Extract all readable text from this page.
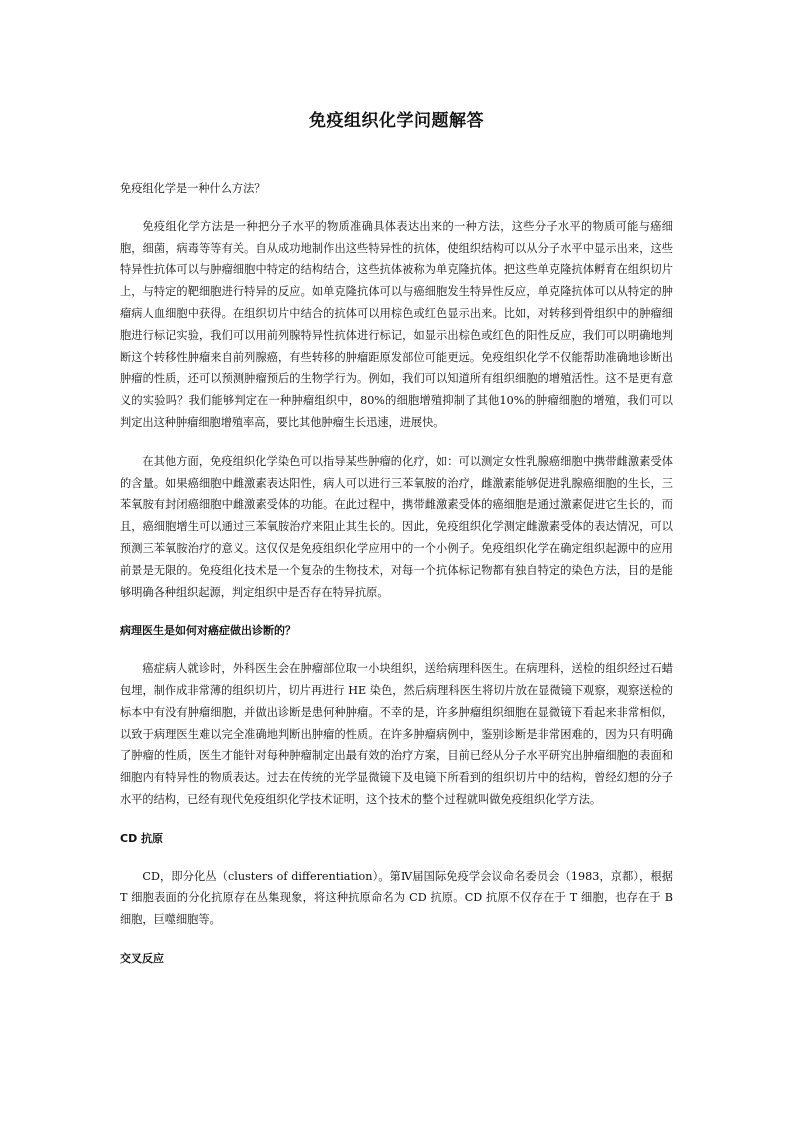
免疫组织化学问题解答

免疫组化学是一种什么方法？

免疫组化学方法是一种把分子水平的物质准确具体表达出来的一种方法，这些分子水平的物质可能与癌细胞，细菌，病毒等等有关。自从成功地制作出这些特异性的抗体，使组织结构可以从分子水平中显示出来，这些特异性抗体可以与肿瘤细胞中特定的结构结合，这些抗体被称为单克隆抗体。把这些单克隆抗体孵育在组织切片上，与特定的靶细胞进行特异的反应。如单克隆抗体可以与癌细胞发生特异性反应，单克隆抗体可以从特定的肿瘤病人血细胞中获得。在组织切片中结合的抗体可以用棕色或红色显示出来。比如，对转移到骨组织中的肿瘤细胞进行标记实验，我们可以用前列腺特异性抗体进行标记，如显示出棕色或红色的阳性反应，我们可以明确地判断这个转移性肿瘤来自前列腺癌，有些转移的肿瘤距原发部位可能更远。免疫组织化学不仅能帮助准确地诊断出肿瘤的性质，还可以预测肿瘤预后的生物学行为。例如，我们可以知道所有组织细胞的增殖活性。这不是更有意义的实验吗？我们能够判定在一种肿瘤组织中，80%的细胞增殖抑制了其他10%的肿瘤细胞的增殖，我们可以判定出这种肿瘤细胞增殖率高，要比其他肿瘤生长迅速，进展快。

在其他方面，免疫组织化学染色可以指导某些肿瘤的化疗，如：可以测定女性乳腺癌细胞中携带雌激素受体的含量。如果癌细胞中雌激素表达阳性，病人可以进行三苯氧胺的治疗，雌激素能够促进乳腺癌细胞的生长，三苯氧胺有封闭癌细胞中雌激素受体的功能。在此过程中，携带雌激素受体的癌细胞是通过激素促进它生长的，而且，癌细胞增生可以通过三苯氧胺治疗来阻止其生长的。因此，免疫组织化学测定雌激素受体的表达情况，可以预测三苯氧胺治疗的意义。这仅仅是免疫组织化学应用中的一个小例子。免疫组织化学在确定组织起源中的应用前景是无限的。免疫组化技术是一个复杂的生物技术，对每一个抗体标记物都有独自特定的染色方法，目的是能够明确各种组织起源，判定组织中是否存在特异抗原。

病理医生是如何对癌症做出诊断的？

癌症病人就诊时，外科医生会在肿瘤部位取一小块组织，送给病理科医生。在病理科，送检的组织经过石蜡包埋，制作成非常薄的组织切片，切片再进行 HE 染色，然后病理科医生将切片放在显微镜下观察，观察送检的标本中有没有肿瘤细胞，并做出诊断是患何种肿瘤。不幸的是，许多肿瘤组织细胞在显微镜下看起来非常相似，以致于病理医生难以完全准确地判断出肿瘤的性质。在许多肿瘤病例中，鉴别诊断是非常困难的，因为只有明确了肿瘤的性质，医生才能针对每种肿瘤制定出最有效的治疗方案，目前已经从分子水平研究出肿瘤细胞的表面和细胞内有特异性的物质表达。过去在传统的光学显微镜下及电镜下所看到的组织切片中的结构，曾经幻想的分子水平的结构，已经有现代免疫组织化学技术证明，这个技术的整个过程就叫做免疫组织化学方法。

CD 抗原

CD，即分化丛（clusters of differentiation）。第Ⅳ届国际免疫学会议命名委员会（1983，京都），根据 T 细胞表面的分化抗原存在丛集现象，将这种抗原命名为 CD 抗原。CD 抗原不仅存在于 T 细胞，也存在于 B 细胞，巨噬细胞等。

交叉反应
